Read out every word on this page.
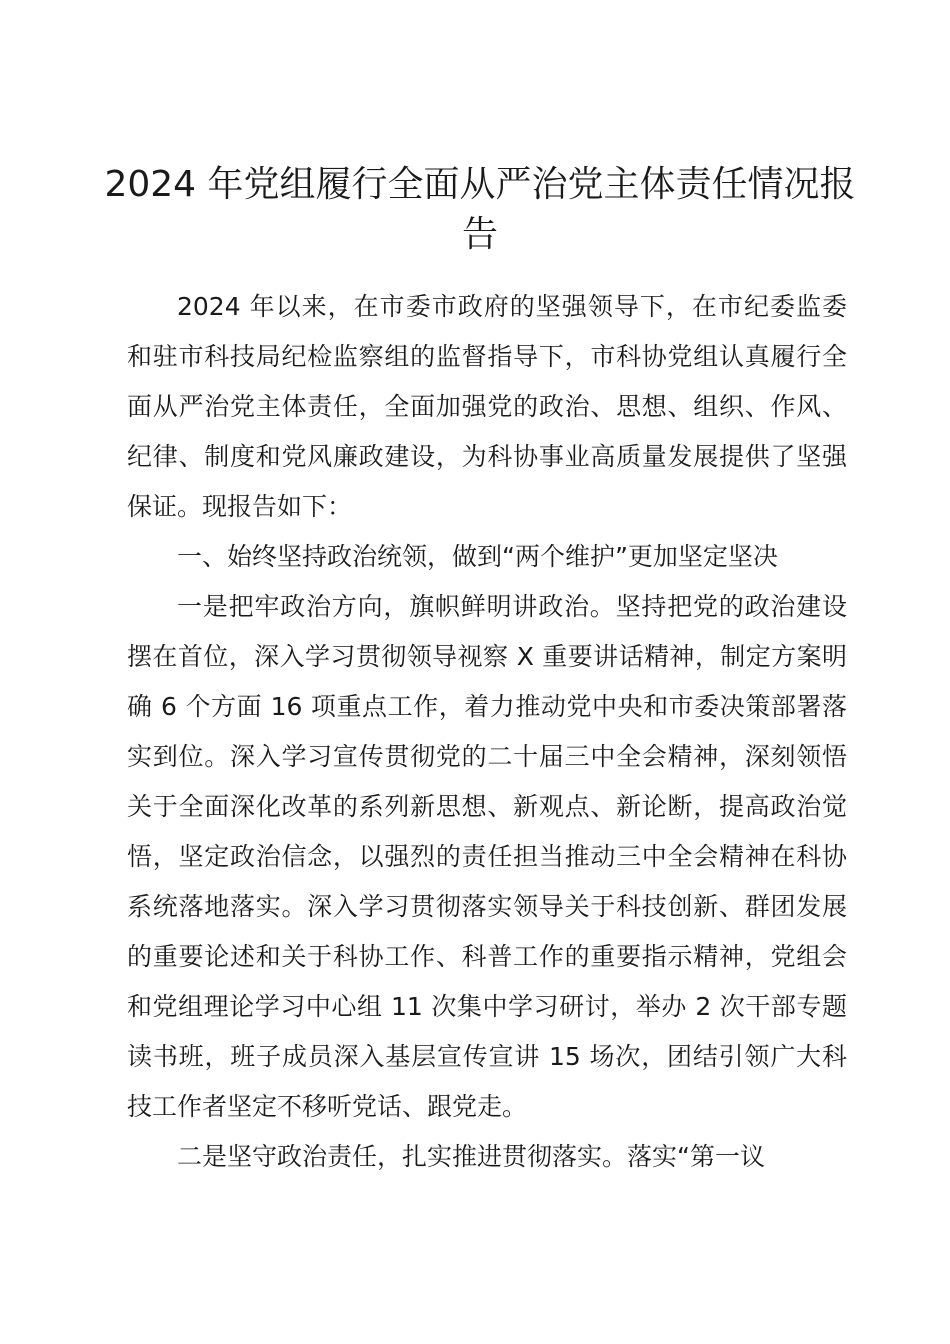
2024 年党组履行全面从严治党主体责任情况报告

2024 年以来，在市委市政府的坚强领导下，在市纪委监委和驻市科技局纪检监察组的监督指导下，市科协党组认真履行全面从严治党主体责任，全面加强党的政治、思想、组织、作风、纪律、制度和党风廉政建设，为科协事业高质量发展提供了坚强保证。现报告如下：

一、始终坚持政治统领，做到“两个维护”更加坚定坚决

一是把牢政治方向，旗帜鲜明讲政治。坚持把党的政治建设摆在首位，深入学习贯彻领导视察 X 重要讲话精神，制定方案明确 6 个方面 16 项重点工作，着力推动党中央和市委决策部署落实到位。深入学习宣传贯彻党的二十届三中全会精神，深刻领悟关于全面深化改革的系列新思想、新观点、新论断，提高政治觉悟，坚定政治信念，以强烈的责任担当推动三中全会精神在科协系统落地落实。深入学习贯彻落实领导关于科技创新、群团发展的重要论述和关于科协工作、科普工作的重要指示精神，党组会和党组理论学习中心组 11 次集中学习研讨，举办 2 次干部专题读书班，班子成员深入基层宣传宣讲 15 场次，团结引领广大科技工作者坚定不移听党话、跟党走。

二是坚守政治责任，扎实推进贯彻落实。落实“第一议
